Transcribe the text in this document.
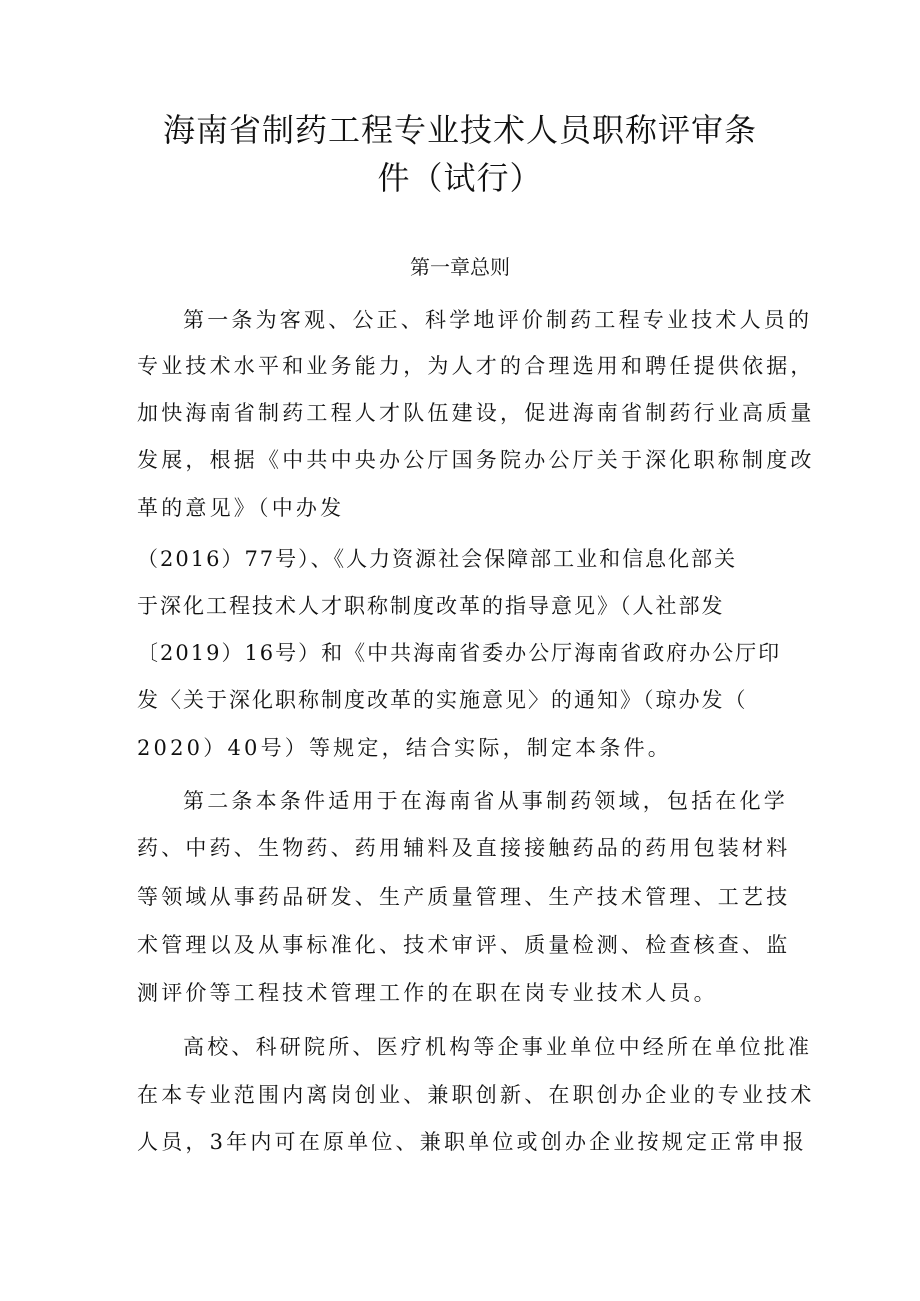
海南省制药工程专业技术人员职称评审条
件（试行）
第一章总则
第一条为客观、公正、科学地评价制药工程专业技术人员的
专业技术水平和业务能力，为人才的合理选用和聘任提供依据，
加快海南省制药工程人才队伍建设，促进海南省制药行业高质量
发展，根据《中共中央办公厅国务院办公厅关于深化职称制度改
革的意见》（中办发
（2016）77号）、《人力资源社会保障部工业和信息化部关
于深化工程技术人才职称制度改革的指导意见》（人社部发
〔2019）16号）和《中共海南省委办公厅海南省政府办公厅印
发〈关于深化职称制度改革的实施意见〉的通知》（琼办发（
2020）40号）等规定，结合实际，制定本条件。
第二条本条件适用于在海南省从事制药领域，包括在化学
药、中药、生物药、药用辅料及直接接触药品的药用包装材料
等领域从事药品研发、生产质量管理、生产技术管理、工艺技
术管理以及从事标准化、技术审评、质量检测、检查核查、监
测评价等工程技术管理工作的在职在岗专业技术人员。
高校、科研院所、医疗机构等企事业单位中经所在单位批准
在本专业范围内离岗创业、兼职创新、在职创办企业的专业技术
人员，3年内可在原单位、兼职单位或创办企业按规定正常申报
